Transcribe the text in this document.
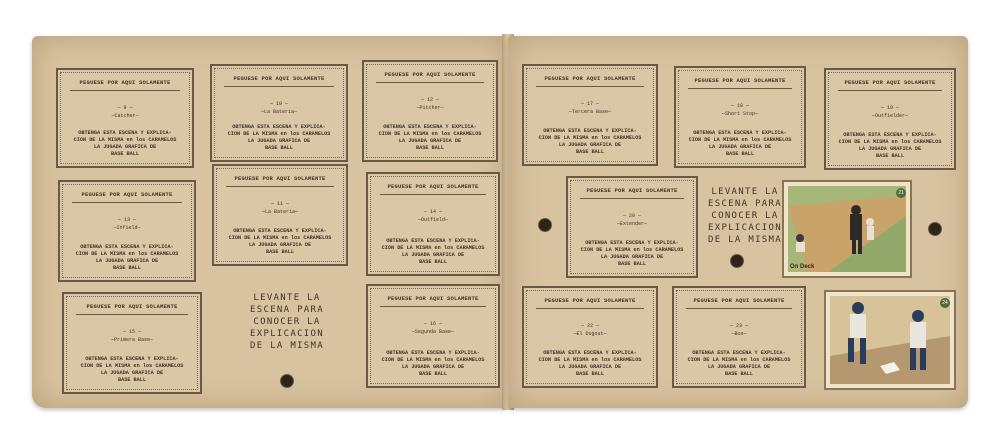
PEGUESE POR AQUI SOLAMENTE
— 9 —
—Catcher—
OBTENGA ESTA ESCENA Y EXPLICA-
CION DE LA MISMA en los CARAMELOS
LA JUGADA GRAFICA DE
BASE BALL
PEGUESE POR AQUI SOLAMENTE
— 10 —
—La Bateria—
OBTENGA ESTA ESCENA Y EXPLICA-
CION DE LA MISMA en los CARAMELOS
LA JUGADA GRAFICA DE
BASE BALL
PEGUESE POR AQUI SOLAMENTE
— 12 —
—Pitcher—
OBTENGA ESTA ESCENA Y EXPLICA-
CION DE LA MISMA en los CARAMELOS
LA JUGADA GRAFICA DE
BASE BALL
PEGUESE POR AQUI SOLAMENTE
— 13 —
—Infield—
OBTENGA ESTA ESCENA Y EXPLICA-
CION DE LA MISMA en los CARAMELOS
LA JUGADA GRAFICA DE
BASE BALL
PEGUESE POR AQUI SOLAMENTE
— 11 —
—La Bateria—
OBTENGA ESTA ESCENA Y EXPLICA-
CION DE LA MISMA en los CARAMELOS
LA JUGADA GRAFICA DE
BASE BALL
PEGUESE POR AQUI SOLAMENTE
— 14 —
—Outfield—
OBTENGA ESTA ESCENA Y EXPLICA-
CION DE LA MISMA en los CARAMELOS
LA JUGADA GRAFICA DE
BASE BALL
PEGUESE POR AQUI SOLAMENTE
— 15 —
—Primera Base—
OBTENGA ESTA ESCENA Y EXPLICA-
CION DE LA MISMA en los CARAMELOS
LA JUGADA GRAFICA DE
BASE BALL
LEVANTE LA
ESCENA PARA
CONOCER LA
EXPLICACION
DE LA MISMA
PEGUESE POR AQUI SOLAMENTE
— 16 —
—Segunda Base—
OBTENGA ESTA ESCENA Y EXPLICA-
CION DE LA MISMA en los CARAMELOS
LA JUGADA GRAFICA DE
BASE BALL
PEGUESE POR AQUI SOLAMENTE
— 17 —
—Tercera Base—
OBTENGA ESTA ESCENA Y EXPLICA-
CION DE LA MISMA en los CARAMELOS
LA JUGADA GRAFICA DE
BASE BALL
PEGUESE POR AQUI SOLAMENTE
— 18 —
—Short Stop—
OBTENGA ESTA ESCENA Y EXPLICA-
CION DE LA MISMA en los CARAMELOS
LA JUGADA GRAFICA DE
BASE BALL
PEGUESE POR AQUI SOLAMENTE
— 19 —
—Outfielder—
OBTENGA ESTA ESCENA Y EXPLICA-
CION DE LA MISMA en los CARAMELOS
LA JUGADA GRAFICA DE
BASE BALL
PEGUESE POR AQUI SOLAMENTE
— 20 —
—Extender—
OBTENGA ESTA ESCENA Y EXPLICA-
CION DE LA MISMA en los CARAMELOS
LA JUGADA GRAFICA DE
BASE BALL
LEVANTE LA
ESCENA PARA
CONOCER LA
EXPLICACION
DE LA MISMA
On Deck
21
PEGUESE POR AQUI SOLAMENTE
— 22 —
—El Dugout—
OBTENGA ESTA ESCENA Y EXPLICA-
CION DE LA MISMA en los CARAMELOS
LA JUGADA GRAFICA DE
BASE BALL
PEGUESE POR AQUI SOLAMENTE
— 23 —
—Box—
OBTENGA ESTA ESCENA Y EXPLICA-
CION DE LA MISMA en los CARAMELOS
LA JUGADA GRAFICA DE
BASE BALL
24
